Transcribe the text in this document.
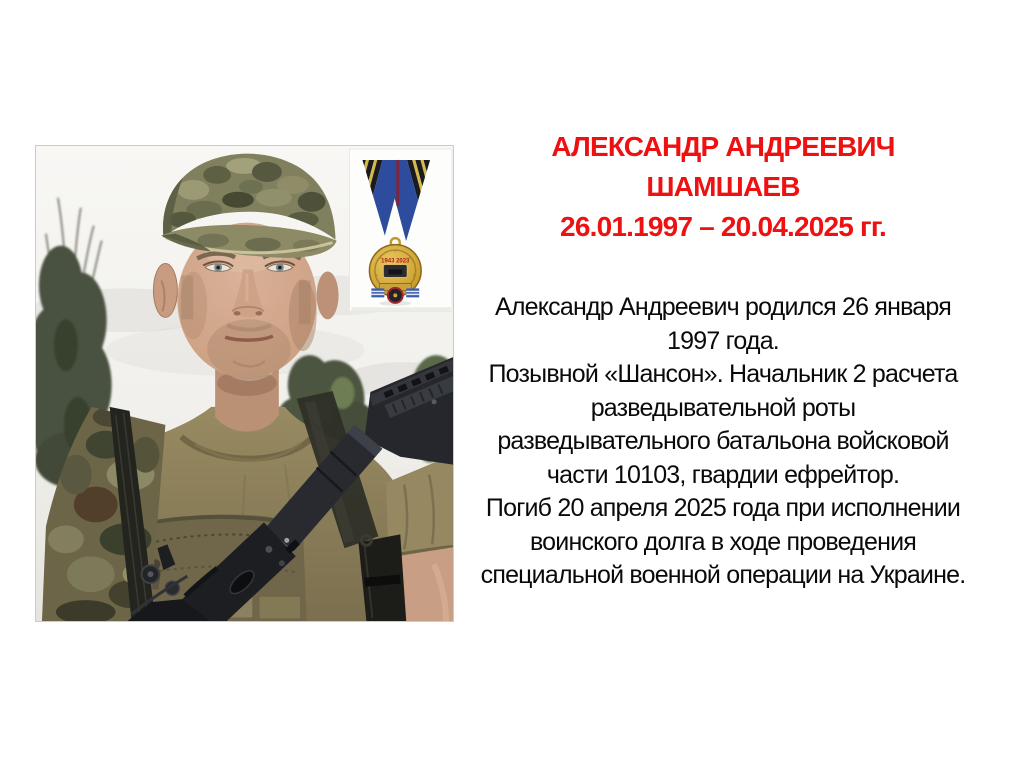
1943 2023
АЛЕКСАНДР АНДРЕЕВИЧ
ШАМШАЕВ
26.01.1997 – 20.04.2025 гг.
Александр Андреевич родился 26 января
1997 года.
Позывной «Шансон». Начальник 2 расчета
разведывательной роты
разведывательного батальона войсковой
части 10103, гвардии ефрейтор.
Погиб 20 апреля 2025 года при исполнении
воинского долга в ходе проведения
специальной военной операции на Украине.
